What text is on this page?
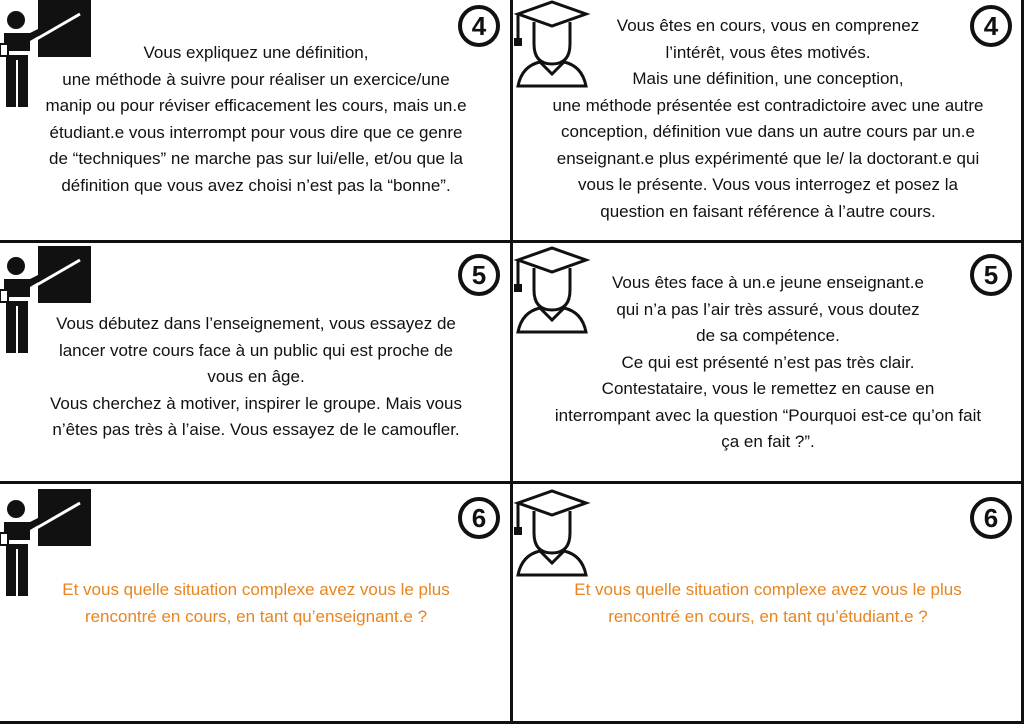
4
Vous expliquez une définition,
une méthode à suivre pour réaliser un exercice/une
manip ou pour réviser efficacement les cours, mais un.e
étudiant.e vous interrompt pour vous dire que ce genre
de “techniques” ne marche pas sur lui/elle, et/ou que la
définition que vous avez choisi n’est pas la “bonne”.
4
Vous êtes en cours, vous en comprenez
l’intérêt, vous êtes motivés.
Mais une définition, une conception,
une méthode présentée est contradictoire avec une autre
conception, définition vue dans un autre cours par un.e
enseignant.e plus expérimenté que le/ la doctorant.e qui
vous le présente. Vous vous interrogez et posez la
question en faisant référence à l’autre cours.
5
Vous débutez dans l’enseignement, vous essayez de
lancer votre cours face à un public qui est proche de
vous en âge.
Vous cherchez à motiver, inspirer le groupe. Mais vous
n’êtes pas très à l’aise. Vous essayez de le camoufler.
5
Vous êtes face à un.e jeune enseignant.e
qui n’a pas l’air très assuré, vous doutez
de sa compétence.
Ce qui est présenté n’est pas très clair.
Contestataire, vous le remettez en cause en
interrompant avec la question “Pourquoi est-ce qu’on fait
ça en fait ?”.
6
Et vous quelle situation complexe avez vous le plus
rencontré en cours, en tant qu’enseignant.e ?
6
Et vous quelle situation complexe avez vous le plus
rencontré en cours, en tant qu’étudiant.e ?
